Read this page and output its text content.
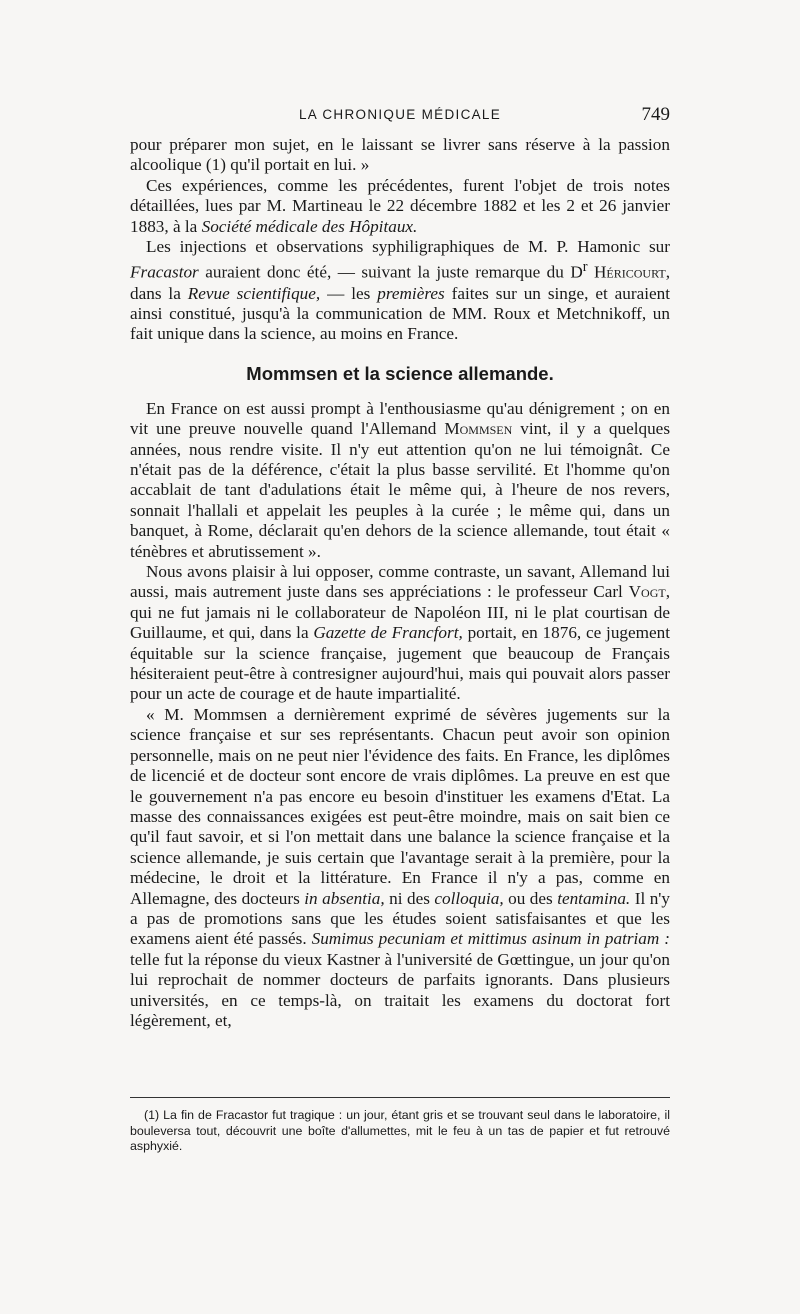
LA CHRONIQUE MÉDICALE	749

pour préparer mon sujet, en le laissant se livrer sans réserve à la passion alcoolique (1) qu'il portait en lui. »

Ces expériences, comme les précédentes, furent l'objet de trois notes détaillées, lues par M. Martineau le 22 décembre 1882 et les 2 et 26 janvier 1883, à la Société médicale des Hôpitaux.

Les injections et observations syphiligraphiques de M. P. Hamonic sur Fracastor auraient donc été, — suivant la juste remarque du $D^r$ Héricourt, dans la Revue scientifique, — les premières faites sur un singe, et auraient ainsi constitué, jusqu'à la communication de MM. Roux et Metchnikoff, un fait unique dans la science, au moins en France.

Mommsen et la science allemande.

En France on est aussi prompt à l'enthousiasme qu'au dénigrement ; on en vit une preuve nouvelle quand l'Allemand Mommsen vint, il y a quelques années, nous rendre visite. Il n'y eut attention qu'on ne lui témoignât. Ce n'était pas de la déférence, c'était la plus basse servilité. Et l'homme qu'on accablait de tant d'adulations était le même qui, à l'heure de nos revers, sonnait l'hallali et appelait les peuples à la curée ; le même qui, dans un banquet, à Rome, déclarait qu'en dehors de la science allemande, tout était « ténèbres et abrutissement ».

Nous avons plaisir à lui opposer, comme contraste, un savant, Allemand lui aussi, mais autrement juste dans ses appréciations : le professeur Carl Vogt, qui ne fut jamais ni le collaborateur de Napoléon III, ni le plat courtisan de Guillaume, et qui, dans la Gazette de Francfort, portait, en 1876, ce jugement équitable sur la science française, jugement que beaucoup de Français hésiteraient peut-être à contresigner aujourd'hui, mais qui pouvait alors passer pour un acte de courage et de haute impartialité.

« M. Mommsen a dernièrement exprimé de sévères jugements sur la science française et sur ses représentants. Chacun peut avoir son opinion personnelle, mais on ne peut nier l'évidence des faits. En France, les diplômes de licencié et de docteur sont encore de vrais diplômes. La preuve en est que le gouvernement n'a pas encore eu besoin d'instituer les examens d'Etat. La masse des connaissances exigées est peut-être moindre, mais on sait bien ce qu'il faut savoir, et si l'on mettait dans une balance la science française et la science allemande, je suis certain que l'avantage serait à la première, pour la médecine, le droit et la littérature. En France il n'y a pas, comme en Allemagne, des docteurs in absentia, ni des colloquia, ou des tentamina. Il n'y a pas de promotions sans que les études soient satisfaisantes et que les examens aient été passés. Sumimus pecuniam et mittimus asinum in patriam : telle fut la réponse du vieux Kastner à l'université de Gœttingue, un jour qu'on lui reprochait de nommer docteurs de parfaits ignorants. Dans plusieurs universités, en ce temps-là, on traitait les examens du doctorat fort légèrement, et,

(1) La fin de Fracastor fut tragique : un jour, étant gris et se trouvant seul dans le laboratoire, il bouleversa tout, découvrit une boîte d'allumettes, mit le feu à un tas de papier et fut retrouvé asphyxié.
